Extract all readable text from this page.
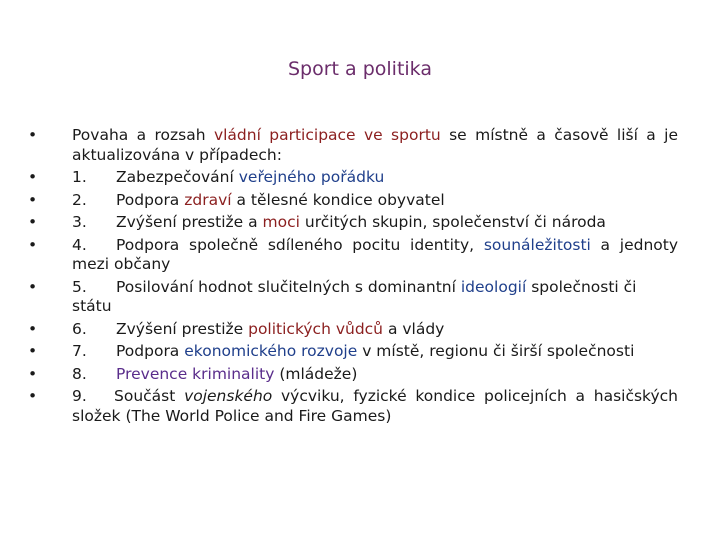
Sport a politika
•	Povaha a rozsah vládní participace ve sportu se místně a časově liší a je aktualizována v případech:
•	1. Zabezpečování veřejného pořádku
•	2. Podpora zdraví a tělesné kondice obyvatel
•	3. Zvýšení prestiže a moci určitých skupin, společenství či národa
•	4. Podpora společně sdíleného pocitu identity, sounáležitosti a jednoty mezi občany
•	5. Posilování hodnot slučitelných s dominantní ideologií společnosti či státu
•	6. Zvýšení prestiže politických vůdců a vlády
•	7. Podpora ekonomického rozvoje v místě, regionu či širší společnosti
•	8. Prevence kriminality (mládeže)
•	9. Součást vojenského výcviku, fyzické kondice policejních a hasičských složek (The World Police and Fire Games)
